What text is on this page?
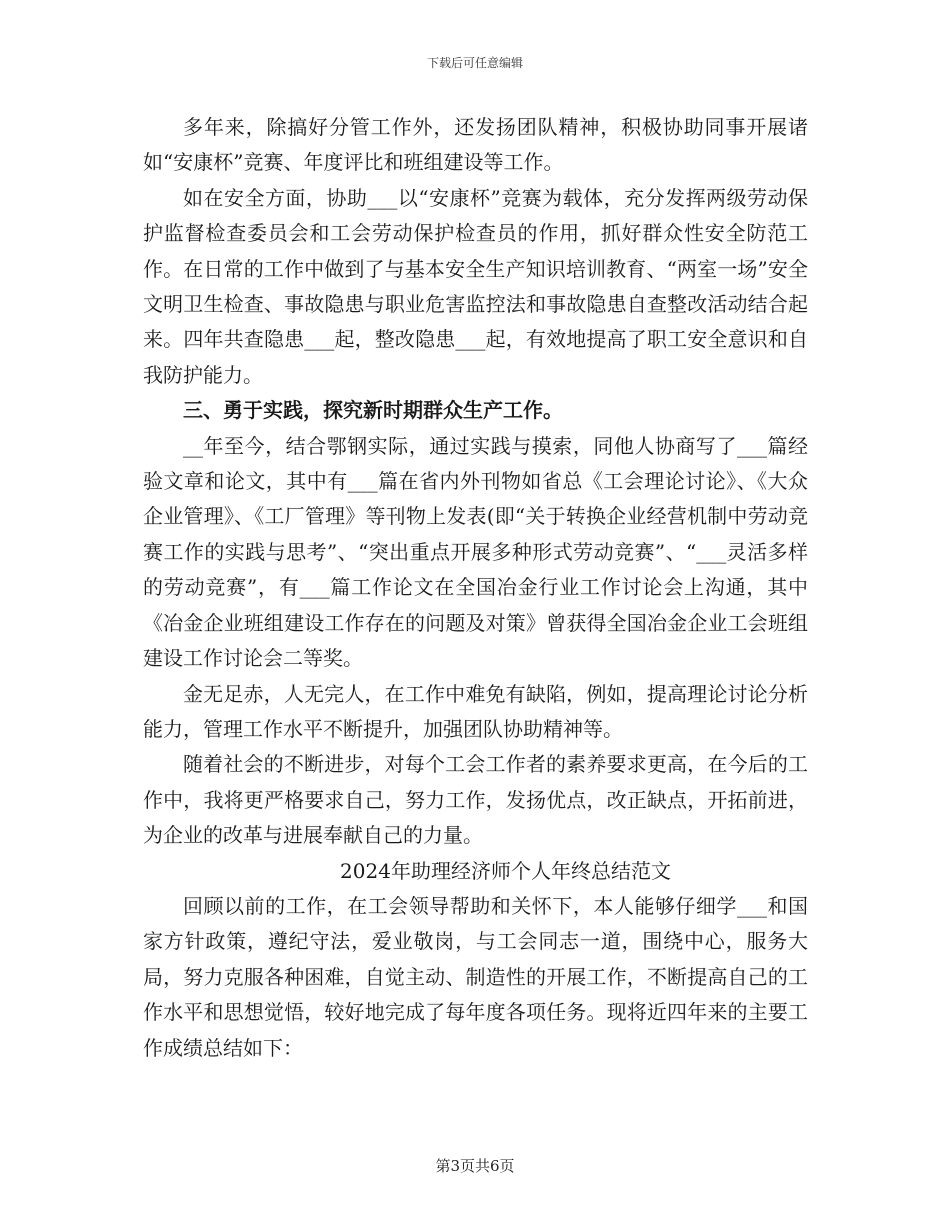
下载后可任意编辑

多年来，除搞好分管工作外，还发扬团队精神，积极协助同事开展诸如“安康杯”竞赛、年度评比和班组建设等工作。

如在安全方面，协助___以“安康杯”竞赛为载体，充分发挥两级劳动保护监督检查委员会和工会劳动保护检查员的作用，抓好群众性安全防范工作。在日常的工作中做到了与基本安全生产知识培训教育、“两室一场”安全文明卫生检查、事故隐患与职业危害监控法和事故隐患自查整改活动结合起来。四年共查隐患___起，整改隐患___起，有效地提高了职工安全意识和自我防护能力。

三、勇于实践，探究新时期群众生产工作。

__年至今，结合鄂钢实际，通过实践与摸索，同他人协商写了___篇经验文章和论文，其中有___篇在省内外刊物如省总《工会理论讨论》、《大众企业管理》、《工厂管理》等刊物上发表(即“关于转换企业经营机制中劳动竞赛工作的实践与思考”、“突出重点开展多种形式劳动竞赛”、“___灵活多样的劳动竞赛”，有___篇工作论文在全国冶金行业工作讨论会上沟通，其中《冶金企业班组建设工作存在的问题及对策》曾获得全国冶金企业工会班组建设工作讨论会二等奖。

金无足赤，人无完人，在工作中难免有缺陷，例如，提高理论讨论分析能力，管理工作水平不断提升，加强团队协助精神等。

随着社会的不断进步，对每个工会工作者的素养要求更高，在今后的工作中，我将更严格要求自己，努力工作，发扬优点，改正缺点，开拓前进，为企业的改革与进展奉献自己的力量。

2024年助理经济师个人年终总结范文

回顾以前的工作，在工会领导帮助和关怀下，本人能够仔细学___和国家方针政策，遵纪守法，爱业敬岗，与工会同志一道，围绕中心，服务大局，努力克服各种困难，自觉主动、制造性的开展工作，不断提高自己的工作水平和思想觉悟，较好地完成了每年度各项任务。现将近四年来的主要工作成绩总结如下：

第3页共6页
